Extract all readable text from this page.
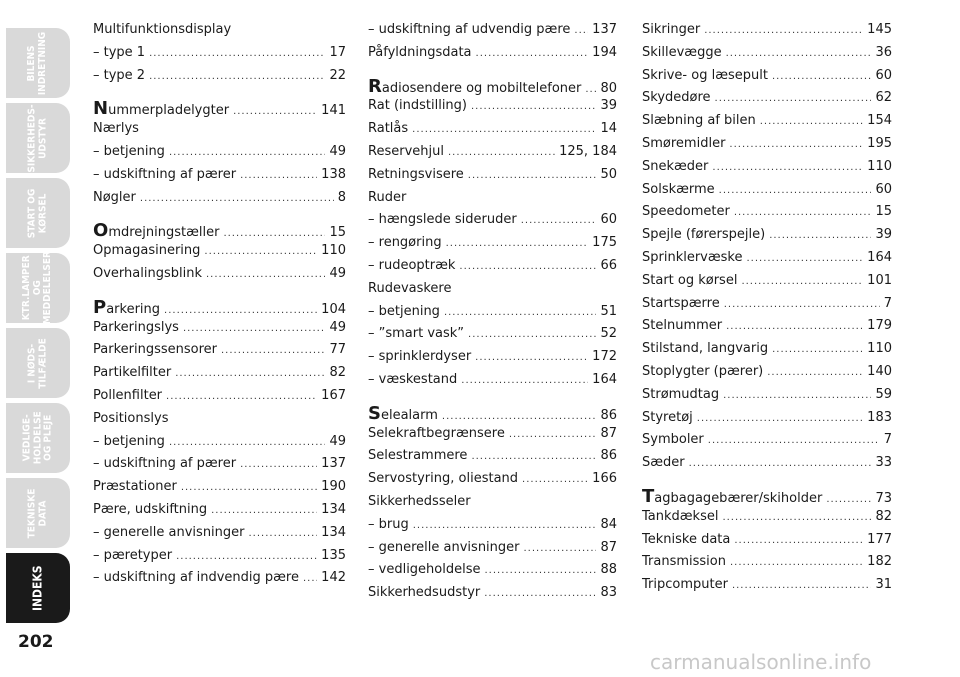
BILENS
INDRETNING
SIKKERHEDS-
UDSTYR
START OG
KØRSEL
KTR.LAMPER
OG
MEDDELELSER
I NØDS-
TILFÆLDE
VEDLIGE-
HOLDELSE
OG PLEJE
TEKNISKE
DATA
INDEKS
202
Multifunktionsdisplay
– type 1 .....	17
– type 2 .....	22
Nummerpladelygter .....	141
Nærlys
– betjening .....	49
– udskiftning af pærer .....	138
Nøgler .....	8
Omdrejningstæller .....	15
Opmagasinering .....	110
Overhalingsblink .....	49
Parkering .....	104
Parkeringslys .....	49
Parkeringssensorer .....	77
Partikelfilter .....	82
Pollenfilter .....	167
Positionslys
– betjening .....	49
– udskiftning af pærer .....	137
Præstationer .....	190
Pære, udskiftning .....	134
– generelle anvisninger .....	134
– pæretyper .....	135
– udskiftning af indvendig pære ..... 142
– udskiftning af udvendig pære ..... 137
Påfyldningsdata .....	194
Radiosendere og mobiltelefoner ..... 80
Rat (indstilling) .....	39
Ratlås .....	14
Reservehjul .....	125, 184
Retningsvisere .....	50
Ruder
– hængslede sideruder .....	60
– rengøring .....	175
– rudeoptræk .....	66
Rudevaskere
– betjening .....	51
– ”smart vask” .....	52
– sprinklerdyser .....	172
– væskestand .....	164
Selealarm .....	86
Selekraftbegrænsere .....	87
Selestrammere .....	86
Servostyring, oliestand .....	166
Sikkerhedsseler
– brug .....	84
– generelle anvisninger .....	87
– vedligeholdelse .....	88
Sikkerhedsudstyr .....	83
Sikringer .....	145
Skillevægge .....	36
Skrive- og læsepult .....	60
Skydedøre .....	62
Slæbning af bilen .....	154
Smøremidler .....	195
Snekæder .....	110
Solskærme .....	60
Speedometer .....	15
Spejle (førerspejle) .....	39
Sprinklervæske .....	164
Start og kørsel .....	101
Startspærre .....	7
Stelnummer .....	179
Stilstand, langvarig .....	110
Stoplygter (pærer) .....	140
Strømudtag .....	59
Styretøj .....	183
Symboler .....	7
Sæder .....	33
Tagbagagebærer/skiholder .....	73
Tankdæksel .....	82
Tekniske data .....	177
Transmission .....	182
Tripcomputer .....	31
carmanualsonline.info
